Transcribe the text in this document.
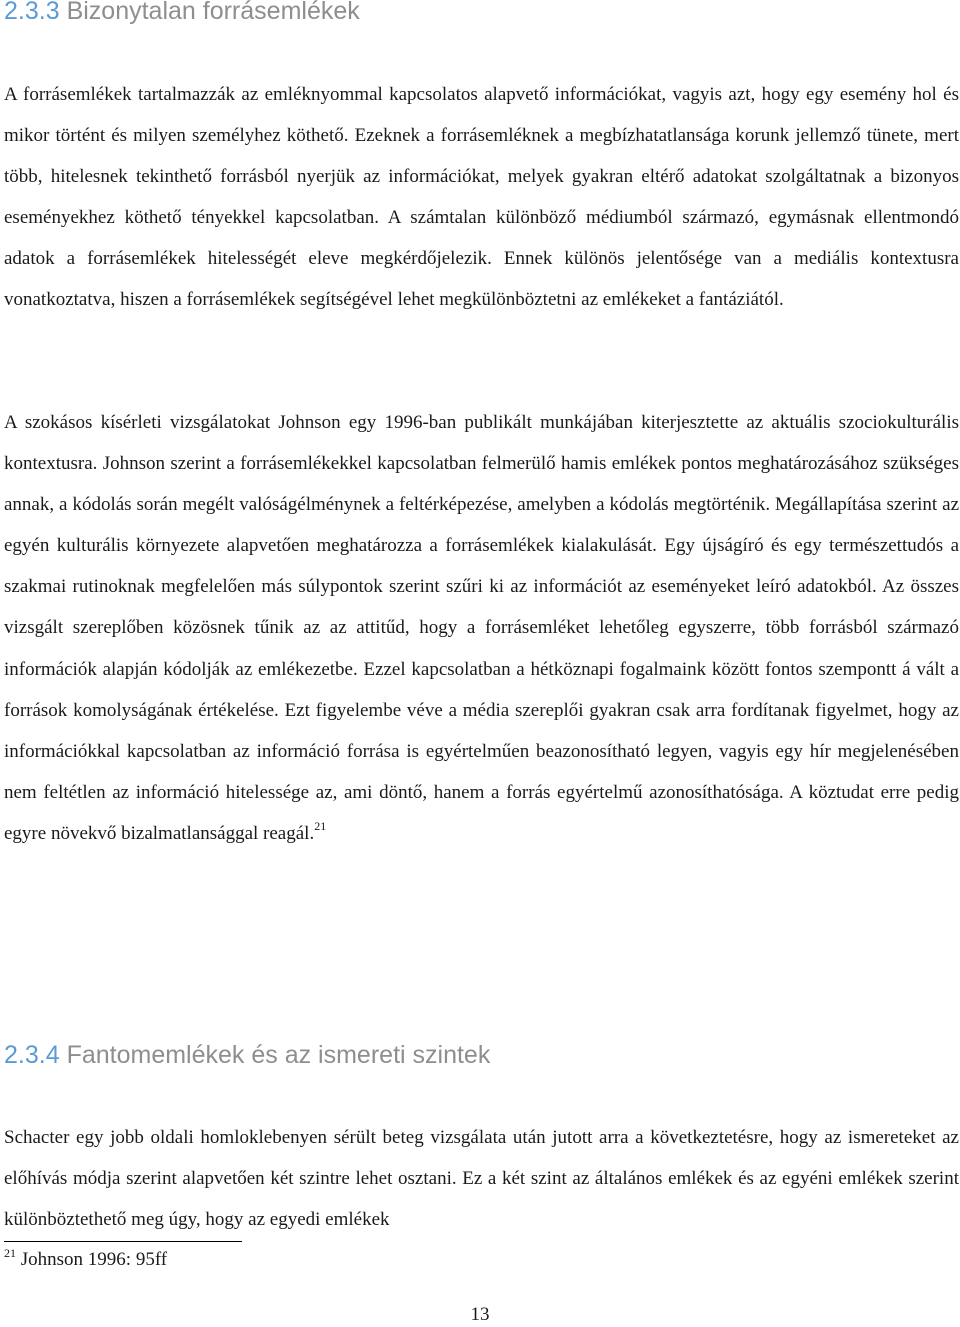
2.3.3 Bizonytalan forrásemlékek

A forrásemlékek tartalmazzák az emléknyommal kapcsolatos alapvető információkat, vagyis azt, hogy egy esemény hol és mikor történt és milyen személyhez köthető. Ezeknek a forrásemléknek a megbízhatatlansága korunk jellemző tünete, mert több, hitelesnek tekinthető forrásból nyerjük az információkat, melyek gyakran eltérő adatokat szolgáltatnak a bizonyos eseményekhez köthető tényekkel kapcsolatban. A számtalan különböző médiumból származó, egymásnak ellentmondó adatok a forrásemlékek hitelességét eleve megkérdőjelezik. Ennek különös jelentősége van a mediális kontextusra vonatkoztatva, hiszen a forrásemlékek segítségével lehet megkülönböztetni az emlékeket a fantáziától.

A szokásos kísérleti vizsgálatokat Johnson egy 1996-ban publikált munkájában kiterjesztette az aktuális szociokulturális kontextusra. Johnson szerint a forrásemlékekkel kapcsolatban felmerülő hamis emlékek pontos meghatározásához szükséges annak, a kódolás során megélt valóságélménynek a feltérképezése, amelyben a kódolás megtörténik. Megállapítása szerint az egyén kulturális környezete alapvetően meghatározza a forrásemlékek kialakulását. Egy újságíró és egy természettudós a szakmai rutinoknak megfelelően más súlypontok szerint szűri ki az információt az eseményeket leíró adatokból. Az összes vizsgált szereplőben közösnek tűnik az az attitűd, hogy a forrásemléket lehetőleg egyszerre, több forrásból származó információk alapján kódolják az emlékezetbe. Ezzel kapcsolatban a hétköznapi fogalmaink között fontos szempontt á vált a források komolyságának értékelése. Ezt figyelembe véve a média szereplői gyakran csak arra fordítanak figyelmet, hogy az információkkal kapcsolatban az információ forrása is egyértelműen beazonosítható legyen, vagyis egy hír megjelenésében nem feltétlen az információ hitelessége az, ami döntő, hanem a forrás egyértelmű azonosíthatósága. A köztudat erre pedig egyre növekvő bizalmatlansággal reagál.$^{21}$

2.3.4 Fantomemlékek és az ismereti szintek

Schacter egy jobb oldali homloklebenyen sérült beteg vizsgálata után jutott arra a következtetésre, hogy az ismereteket az előhívás módja szerint alapvetően két szintre lehet osztani. Ez a két szint az általános emlékek és az egyéni emlékek szerint különböztethető meg úgy, hogy az egyedi emlékek

$^{21}$ Johnson 1996: 95ff

13
